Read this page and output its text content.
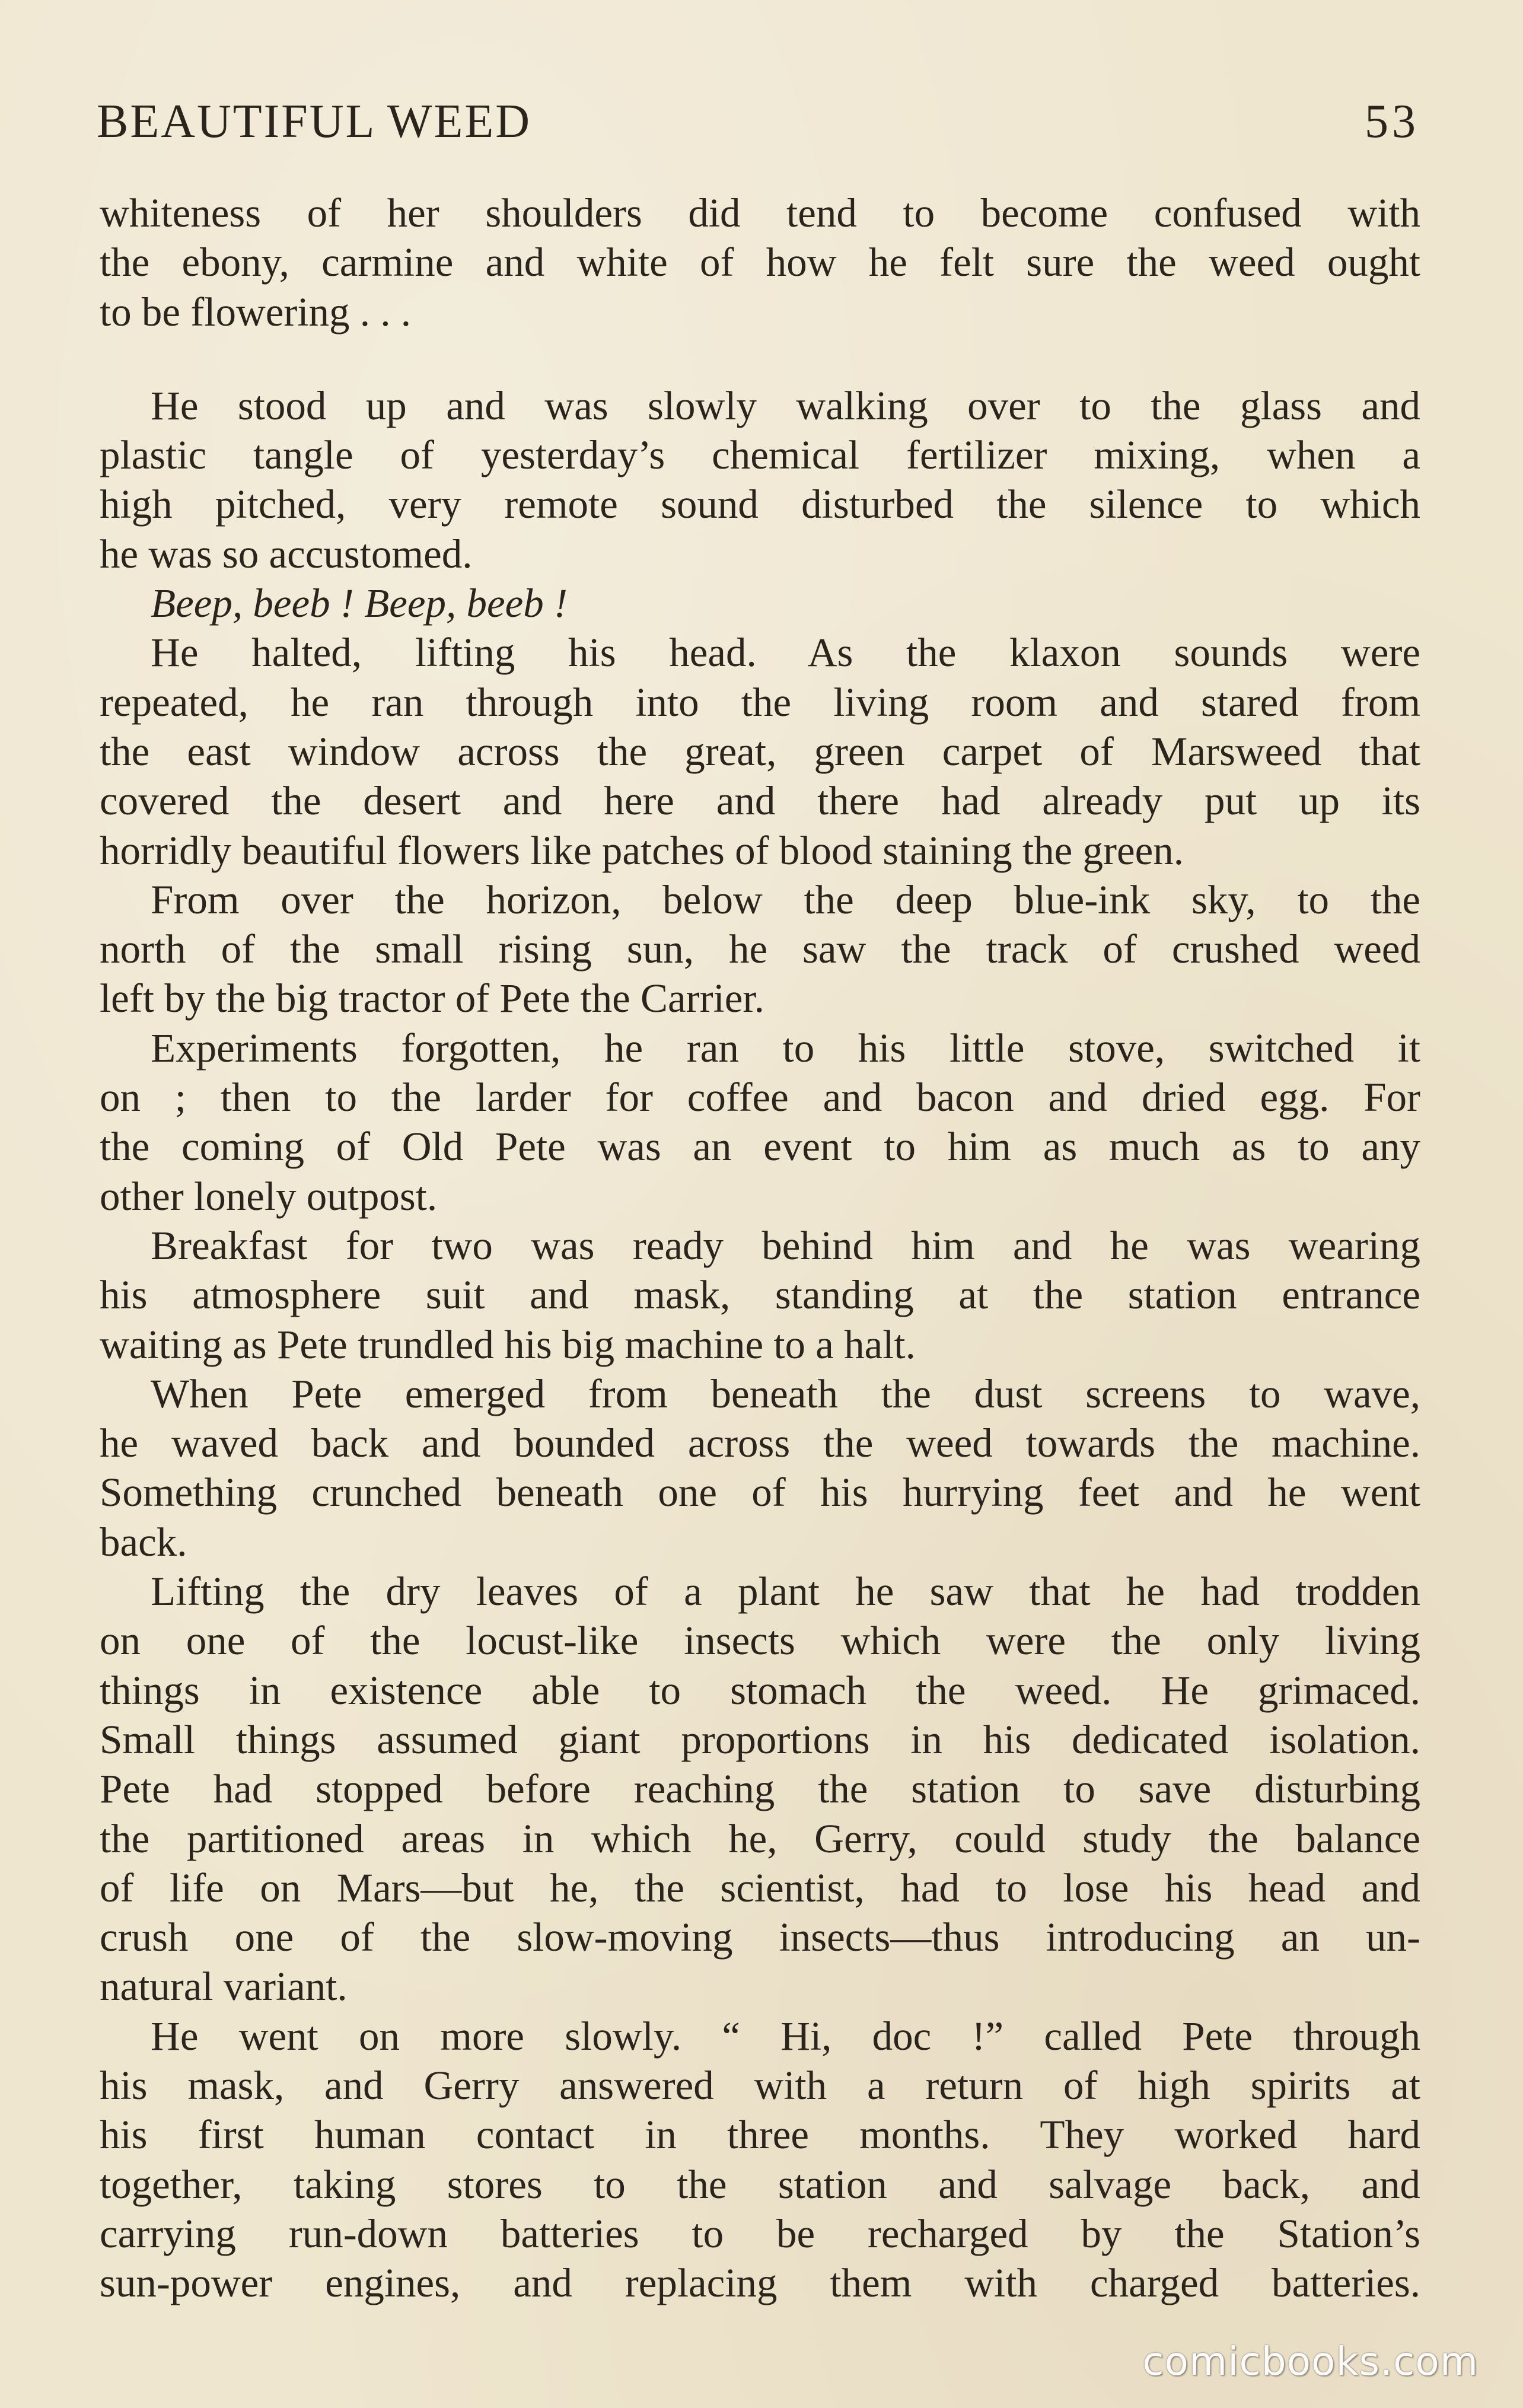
BEAUTIFUL WEED	53
whiteness of her shoulders did tend to become confused with
the ebony, carmine and white of how he felt sure the weed ought
to be flowering . . .
He stood up and was slowly walking over to the glass and
plastic tangle of yesterday’s chemical fertilizer mixing, when a
high pitched, very remote sound disturbed the silence to which
he was so accustomed.
Beep, beeb ! Beep, beeb !
He halted, lifting his head. As the klaxon sounds were
repeated, he ran through into the living room and stared from
the east window across the great, green carpet of Marsweed that
covered the desert and here and there had already put up its
horridly beautiful flowers like patches of blood staining the green.
From over the horizon, below the deep blue-ink sky, to the
north of the small rising sun, he saw the track of crushed weed
left by the big tractor of Pete the Carrier.
Experiments forgotten, he ran to his little stove, switched it
on ; then to the larder for coffee and bacon and dried egg. For
the coming of Old Pete was an event to him as much as to any
other lonely outpost.
Breakfast for two was ready behind him and he was wearing
his atmosphere suit and mask, standing at the station entrance
waiting as Pete trundled his big machine to a halt.
When Pete emerged from beneath the dust screens to wave,
he waved back and bounded across the weed towards the machine.
Something crunched beneath one of his hurrying feet and he went
back.
Lifting the dry leaves of a plant he saw that he had trodden
on one of the locust-like insects which were the only living
things in existence able to stomach the weed. He grimaced.
Small things assumed giant proportions in his dedicated isolation.
Pete had stopped before reaching the station to save disturbing
the partitioned areas in which he, Gerry, could study the balance
of life on Mars—but he, the scientist, had to lose his head and
crush one of the slow-moving insects—thus introducing an un-
natural variant.
He went on more slowly. “ Hi, doc !” called Pete through
his mask, and Gerry answered with a return of high spirits at
his first human contact in three months. They worked hard
together, taking stores to the station and salvage back, and
carrying run-down batteries to be recharged by the Station’s
sun-power engines, and replacing them with charged batteries.
comicbooks.com
